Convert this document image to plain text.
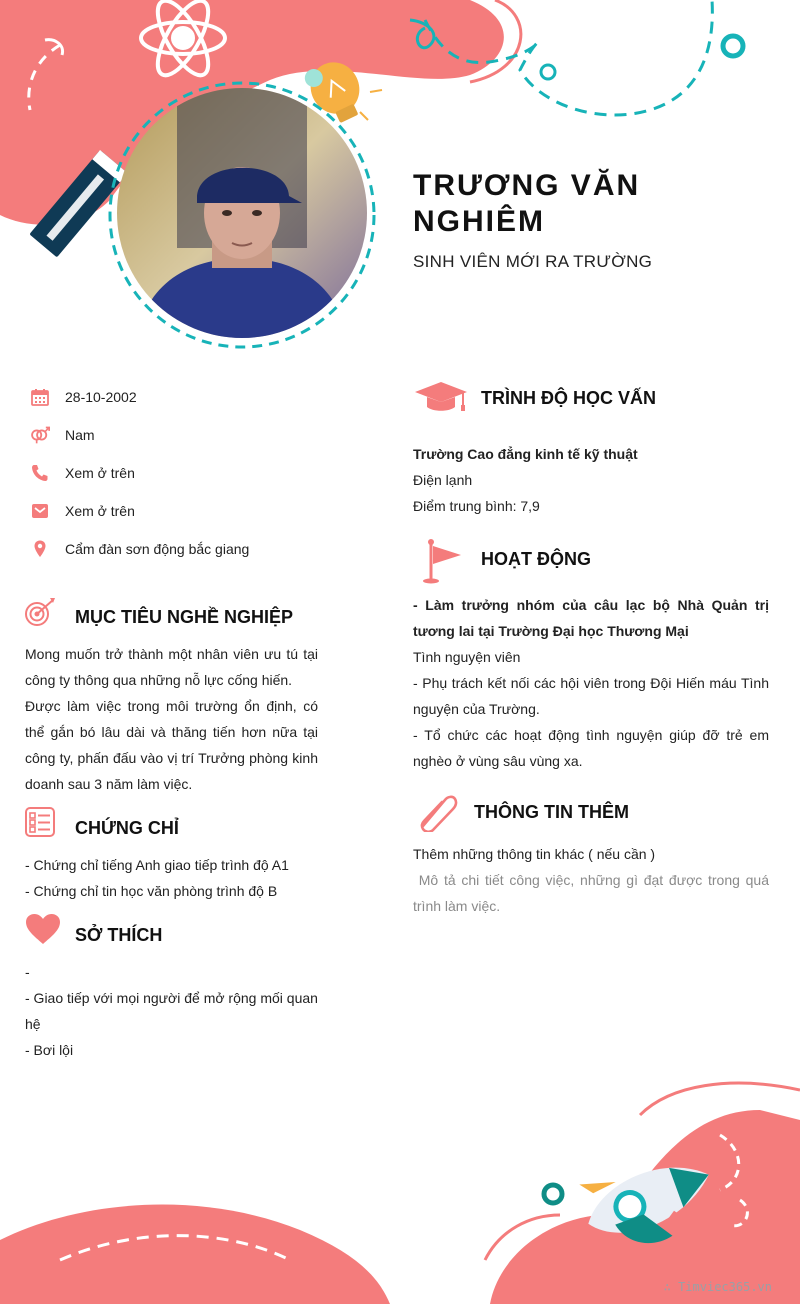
TRƯƠNG VĂN NGHIÊM
SINH VIÊN MỚI RA TRƯỜNG
28-10-2002
Nam
Xem ở trên
Xem ở trên
Cẩm đàn sơn động bắc giang
MỤC TIÊU NGHỀ NGHIỆP
Mong muốn trở thành một nhân viên ưu tú tại công ty thông qua những nỗ lực cống hiến.
Được làm việc trong môi trường ổn định, có thể gắn bó lâu dài và thăng tiến hơn nữa tại công ty, phấn đấu vào vị trí Trưởng phòng kinh doanh sau 3 năm làm việc.
CHỨNG CHỈ
- Chứng chỉ tiếng Anh giao tiếp trình độ A1
- Chứng chỉ tin học văn phòng trình độ B
SỞ THÍCH
-
- Giao tiếp với mọi người để mở rộng mối quan hệ
- Bơi lội
TRÌNH ĐỘ HỌC VẤN
Trường Cao đẳng kinh tế kỹ thuật
Điện lạnh
Điểm trung bình: 7,9
HOẠT ĐỘNG
- Làm trưởng nhóm của câu lạc bộ Nhà Quản trị tương lai tại Trường Đại học Thương Mại
Tình nguyện viên
- Phụ trách kết nối các hội viên trong Đội Hiến máu Tình nguyện của Trường.
- Tổ chức các hoạt động tình nguyện giúp đỡ trẻ em nghèo ở vùng sâu vùng xa.
THÔNG TIN THÊM
Thêm những thông tin khác ( nếu cần )
Mô tả chi tiết công việc, những gì đạt được trong quá trình làm việc.
∴ Timviec365.vn
